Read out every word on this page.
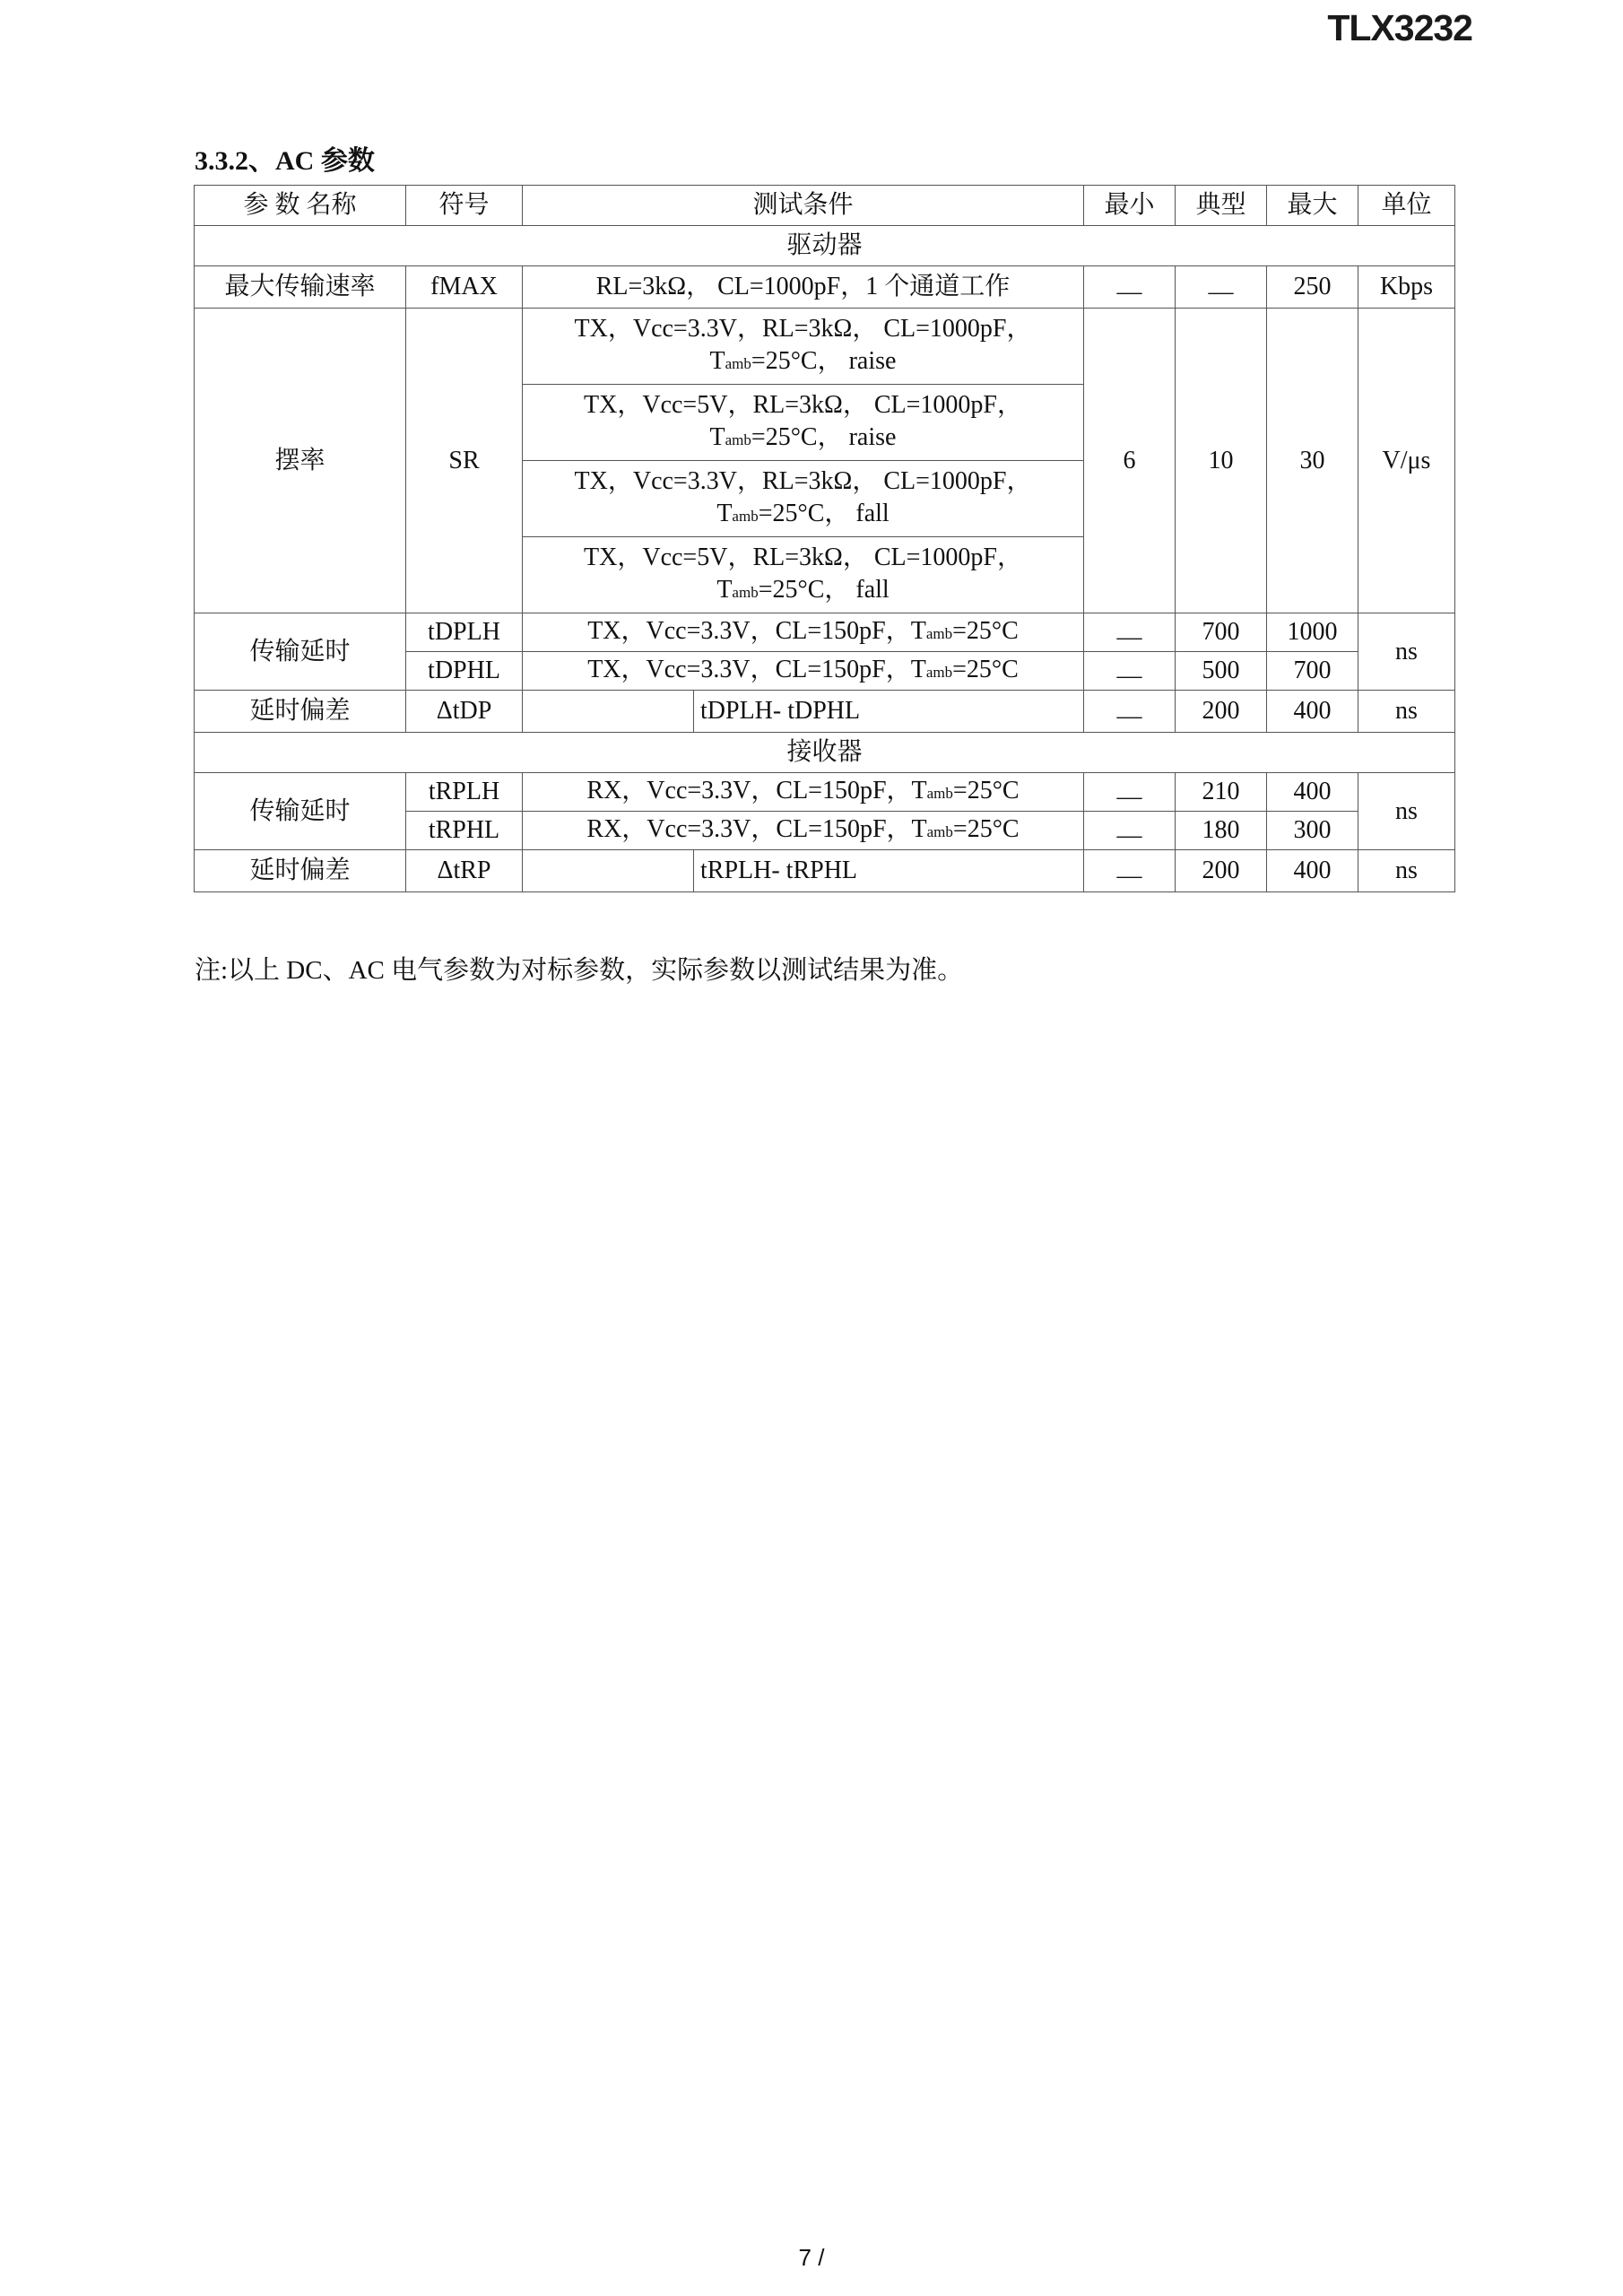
TLX3232
3.3.2、AC 参数
参 数 名称	符号	测试条件	最小	典型	最大	单位
驱动器						
最大传输速率	fMAX	RL=3kΩ， CL=1000pF，1 个通道工作	—	—	250	Kbps
摆率	SR	TX，Vcc=3.3V，RL=3kΩ， CL=1000pF，
Tamb=25°C， raise	6	10	30	V/μs

		TX，Vcc=5V，RL=3kΩ， CL=1000pF，
Tamb=25°C， raise				

		TX，Vcc=3.3V，RL=3kΩ， CL=1000pF，
Tamb=25°C， fall				

		TX，Vcc=5V，RL=3kΩ， CL=1000pF，
Tamb=25°C， fall				

传输延时	tDPLH	TX，Vcc=3.3V，CL=150pF，Tamb=25°C	—	700	1000	ns
	tDPHL	TX，Vcc=3.3V，CL=150pF，Tamb=25°C	—	500	700	
延时偏差	ΔtDP	tDPLH- tDPHL	—	200	400	ns
接收器						
传输延时	tRPLH	RX，Vcc=3.3V，CL=150pF，Tamb=25°C	—	210	400	ns
	tRPHL	RX，Vcc=3.3V，CL=150pF，Tamb=25°C	—	180	300	
延时偏差	ΔtRP	tRPLH- tRPHL	—	200	400	ns
注:以上 DC、AC 电气参数为对标参数，实际参数以测试结果为准。
7 /
